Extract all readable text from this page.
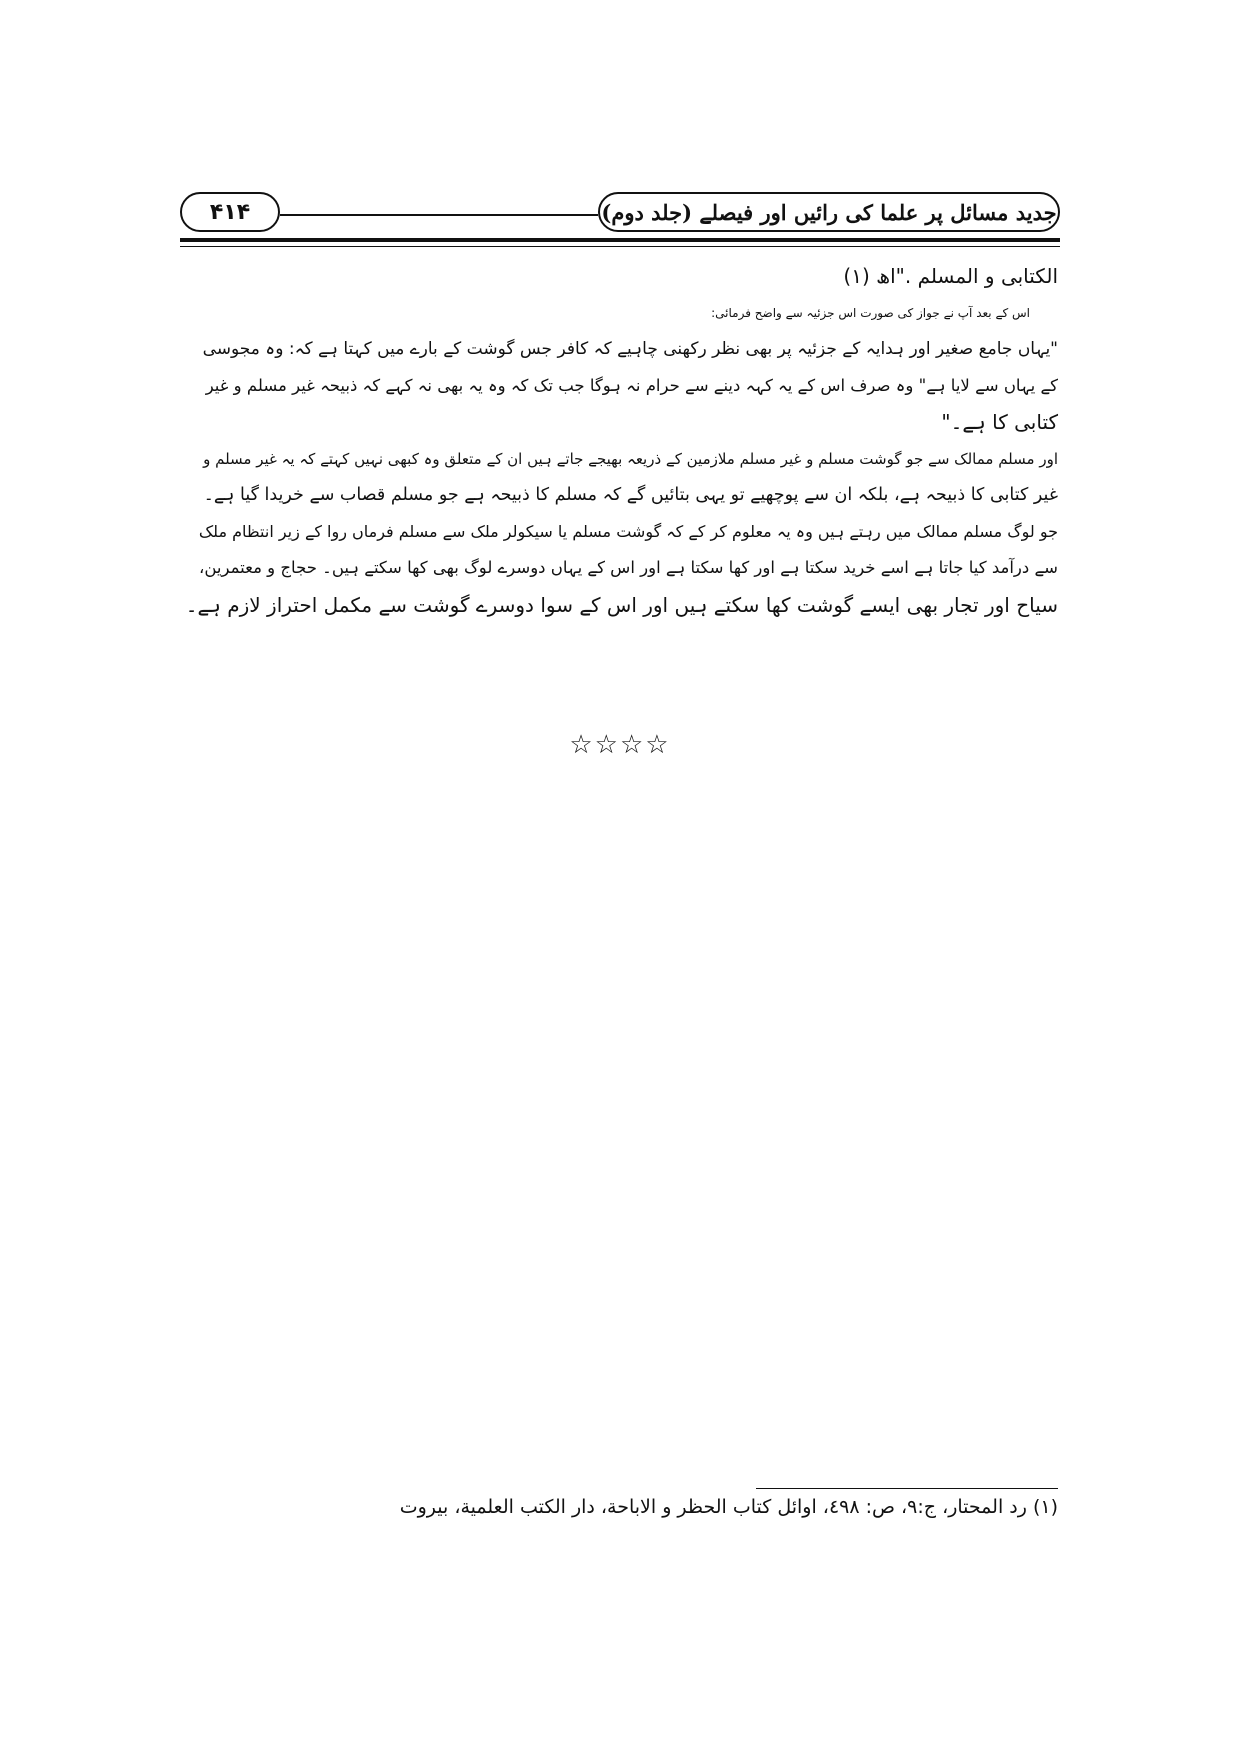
۴۱۴	جدید مسائل پر علما کی رائیں اور فیصلے (جلد دوم)
الکتابی و المسلم ."اھ (۱)
اس کے بعد آپ نے جواز کی صورت اس جزئیہ سے واضح فرمائی:
"یہاں جامع صغیر اور ہدایہ کے جزئیہ پر بھی نظر رکھنی چاہیے کہ کافر جس گوشت کے بارے میں کہتا ہے کہ: وہ مجوسی
کے یہاں سے لایا ہے" وہ صرف اس کے یہ کہہ دینے سے حرام نہ ہوگا جب تک کہ وہ یہ بھی نہ کہے کہ ذبیحہ غیر مسلم و غیر
کتابی کا ہے۔"
اور مسلم ممالک سے جو گوشت مسلم و غیر مسلم ملازمین کے ذریعہ بھیجے جاتے ہیں ان کے متعلق وہ کبھی نہیں کہتے کہ یہ غیر مسلم و
غیر کتابی کا ذبیحہ ہے، بلکہ ان سے پوچھیے تو یہی بتائیں گے کہ مسلم کا ذبیحہ ہے جو مسلم قصاب سے خریدا گیا ہے۔
جو لوگ مسلم ممالک میں رہتے ہیں وہ یہ معلوم کر کے کہ گوشت مسلم یا سیکولر ملک سے مسلم فرماں روا کے زیر انتظام ملک
سے درآمد کیا جاتا ہے اسے خرید سکتا ہے اور کھا سکتا ہے اور اس کے یہاں دوسرے لوگ بھی کھا سکتے ہیں۔ حجاج و معتمرین،
سیاح اور تجار بھی ایسے گوشت کھا سکتے ہیں اور اس کے سوا دوسرے گوشت سے مکمل احتراز لازم ہے۔
☆☆☆☆
(۱) رد المحتار، ج:۹، ص: ٤٩٨، اوائل کتاب الحظر و الاباحة، دار الکتب العلمية، بیروت
